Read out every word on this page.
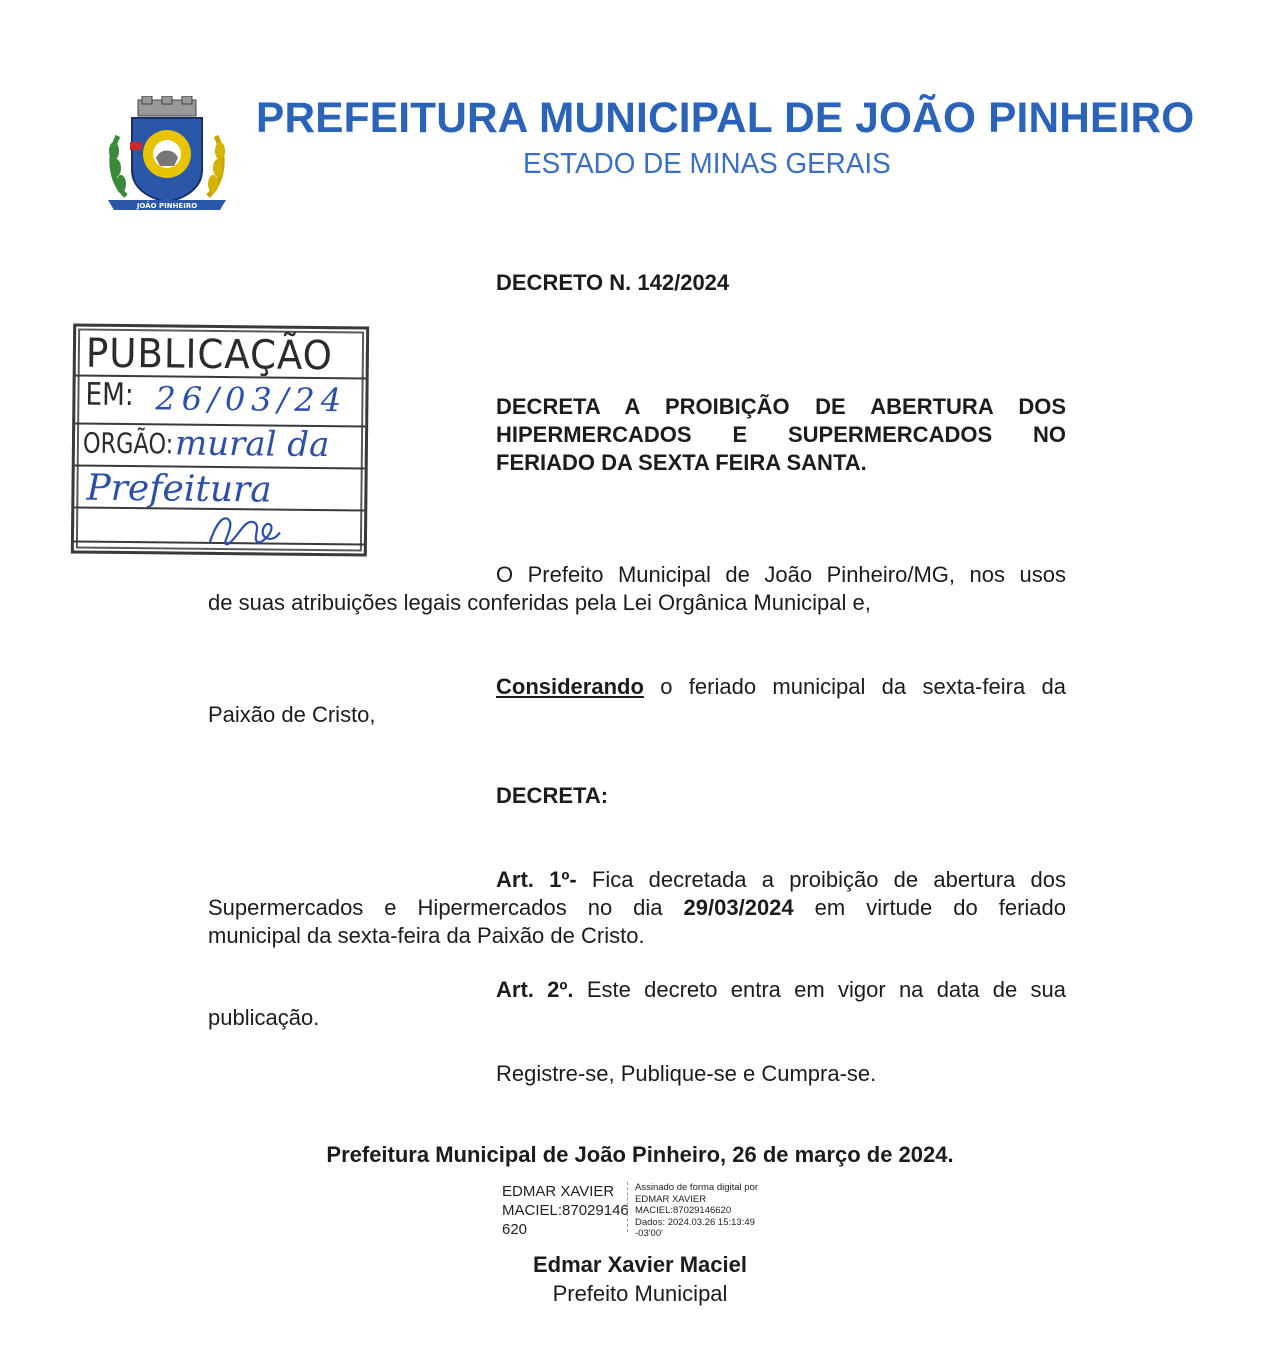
JOÃO PINHEIRO
PREFEITURA MUNICIPAL DE JOÃO PINHEIRO
ESTADO DE MINAS GERAIS
PUBLICAÇÃO
EM: 26/03/24
ORGÃO: mural da
Prefeitura
DECRETO N. 142/2024
DECRETA A PROIBIÇÃO DE ABERTURA DOS HIPERMERCADOS E SUPERMERCADOS NO FERIADO DA SEXTA FEIRA SANTA.
O Prefeito Municipal de João Pinheiro/MG, nos usos
de suas atribuições legais conferidas pela Lei Orgânica Municipal e,
Considerando o feriado municipal da sexta-feira da
Paixão de Cristo,
DECRETA:
Art. 1º- Fica decretada a proibição de abertura dos
Supermercados e Hipermercados no dia 29/03/2024 em virtude do feriado
municipal da sexta-feira da Paixão de Cristo.
Art. 2º. Este decreto entra em vigor na data de sua
publicação.
Registre-se, Publique-se e Cumpra-se.
Prefeitura Municipal de João Pinheiro, 26 de março de 2024.
EDMAR XAVIER
MACIEL:87029146
620
Assinado de forma digital por
EDMAR XAVIER
MACIEL:87029146620
Dados: 2024.03.26 15:13:49
-03'00'
Edmar Xavier Maciel
Prefeito Municipal
